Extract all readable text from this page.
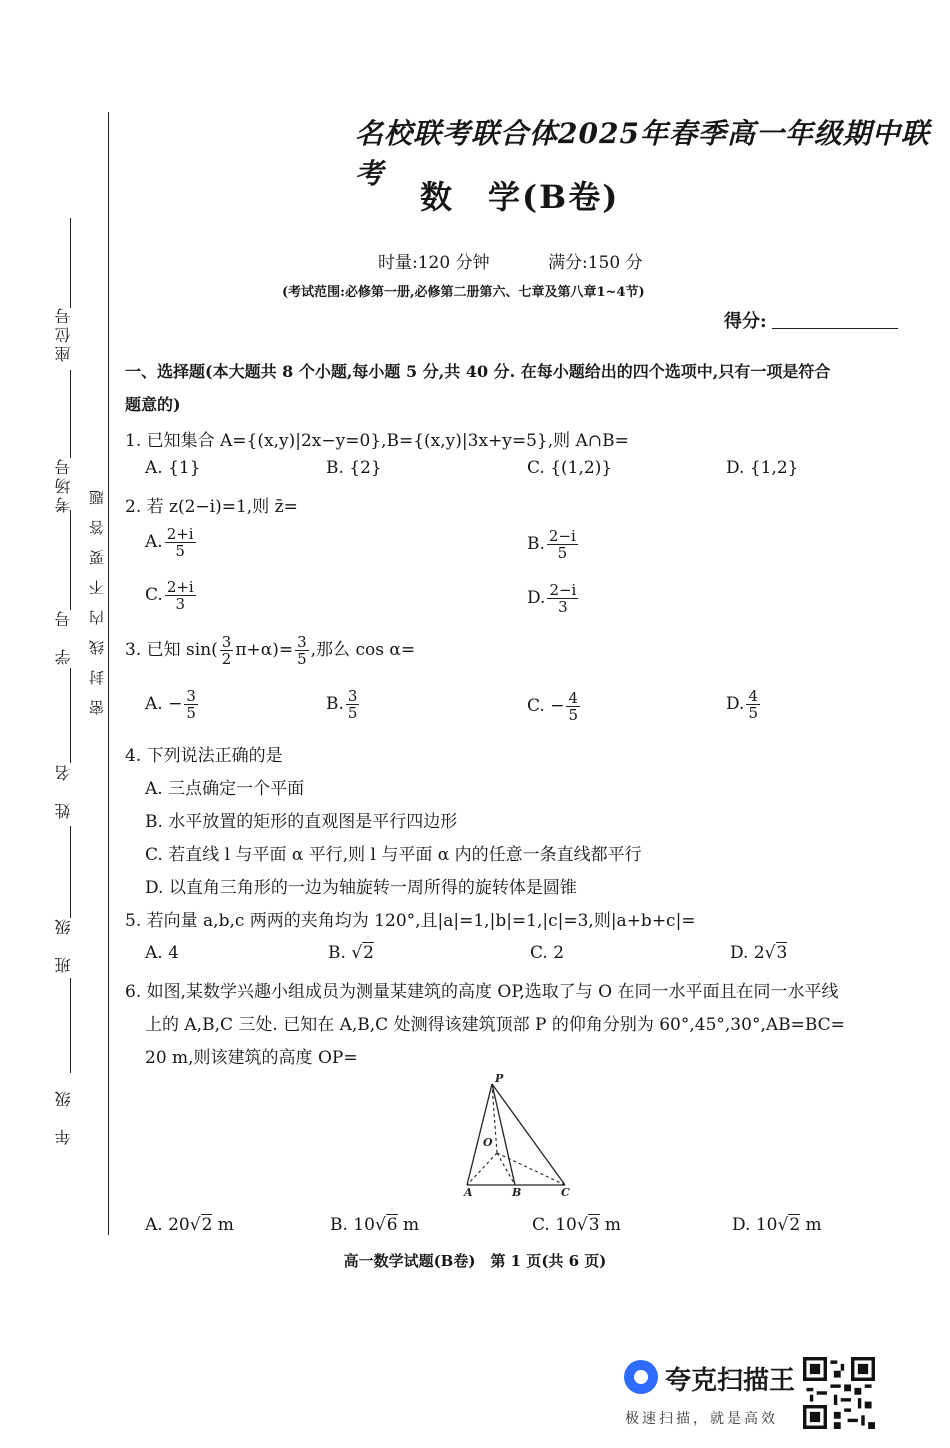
座位号
考场号
学　号
姓　名
班　级
年　级
密　封　线　内　不　要　答　题
名校联考联合体2025年春季高一年级期中联考
数　学(B卷)
时量:120 分钟	满分:150 分
(考试范围:必修第一册,必修第二册第六、七章及第八章1~4节)
得分:
一、选择题(本大题共 8 个小题,每小题 5 分,共 40 分. 在每小题给出的四个选项中,只有一项是符合
题意的)
1. 已知集合 A={(x,y)|2x−y=0},B={(x,y)|3x+y=5},则 A∩B=
A. {1}	B. {2}	C. {(1,2)}	D. {1,2}
2. 若 z(2−i)=1,则 z̄=
A. $\frac{2+i}{5}$	B. $\frac{2-i}{5}$
C. $\frac{2+i}{3}$	D. $\frac{2-i}{3}$
3. 已知 $\sin( \frac{3}{2} \pi+\alpha)= \frac{3}{5}$ ,那么 cos α=
A. − $\frac{3}{5}$	B. $\frac{3}{5}$	C. − $\frac{4}{5}$	D. $\frac{4}{5}$
4. 下列说法正确的是
A. 三点确定一个平面
B. 水平放置的矩形的直观图是平行四边形
C. 若直线 l 与平面 α 平行,则 l 与平面 α 内的任意一条直线都平行
D. 以直角三角形的一边为轴旋转一周所得的旋转体是圆锥
5. 若向量 a,b,c 两两的夹角均为 120°,且|a|=1,|b|=1,|c|=3,则|a+b+c|=
A. 4	B. √2	C. 2	D. 2√3
6. 如图,某数学兴趣小组成员为测量某建筑的高度 OP,选取了与 O 在同一水平面且在同一水平线
上的 A,B,C 三处. 已知在 A,B,C 处测得该建筑顶部 P 的仰角分别为 60°,45°,30°,AB=BC=
20 m,则该建筑的高度 OP=
P
O
A	B	C
A. 20√2 m	B. 10√6 m	C. 10√3 m	D. 10√2 m
高一数学试题(B卷)　第 1 页(共 6 页)
夸克扫描王
极速扫描，就是高效
